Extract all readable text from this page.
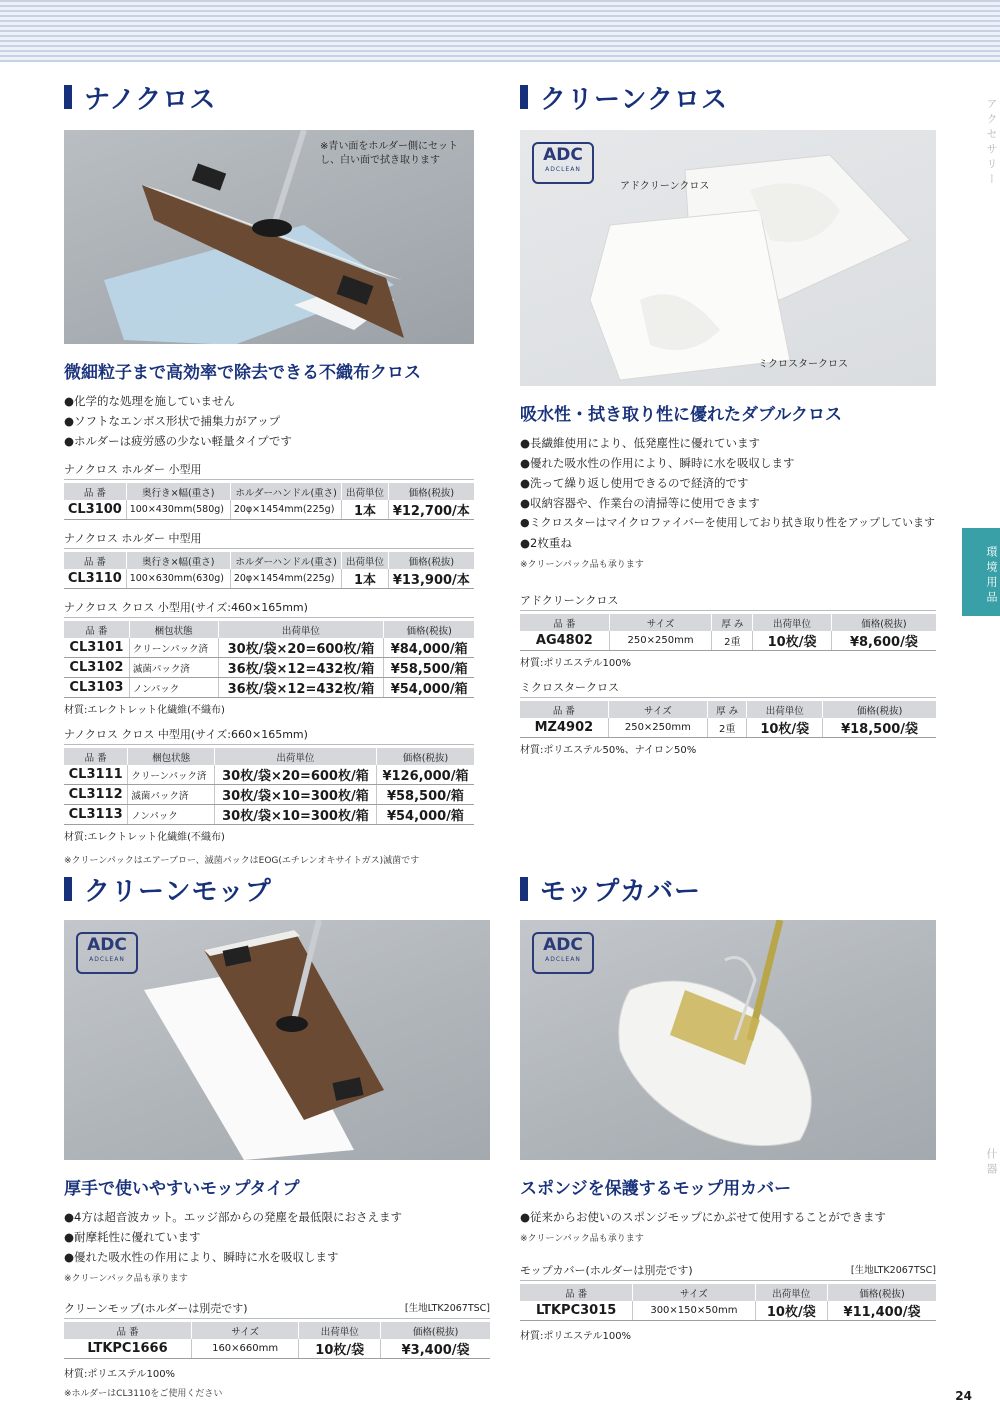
アクセサリー
環境用品
什器
ナノクロス
※青い面をホルダー側にセットし、白い面で拭き取ります
微細粒子まで高効率で除去できる不織布クロス
●化学的な処理を施していません
●ソフトなエンボス形状で捕集力がアップ
●ホルダーは疲労感の少ない軽量タイプです
ナノクロス ホルダー 小型用
品 番	奥行き×幅(重さ)	ホルダーハンドル(重さ)	出荷単位	価格(税抜)
CL3100	100×430mm(580g)	20φ×1454mm(225g)	1本	¥12,700/本
ナノクロス ホルダー 中型用
品 番	奥行き×幅(重さ)	ホルダーハンドル(重さ)	出荷単位	価格(税抜)
CL3110	100×630mm(630g)	20φ×1454mm(225g)	1本	¥13,900/本
ナノクロス クロス 小型用(サイズ:460×165mm)
品 番	梱包状態	出荷単位	価格(税抜)
CL3101	クリーンパック済	30枚/袋×20=600枚/箱	¥84,000/箱
CL3102	滅菌パック済	36枚/袋×12=432枚/箱	¥58,500/箱
CL3103	ノンパック	36枚/袋×12=432枚/箱	¥54,000/箱
材質:エレクトレット化繊維(不織布)
ナノクロス クロス 中型用(サイズ:660×165mm)
品 番	梱包状態	出荷単位	価格(税抜)
CL3111	クリーンパック済	30枚/袋×20=600枚/箱	¥126,000/箱
CL3112	滅菌パック済	30枚/袋×10=300枚/箱	¥58,500/箱
CL3113	ノンパック	30枚/袋×10=300枚/箱	¥54,000/箱
材質:エレクトレット化繊維(不織布)
※クリーンパックはエアーブロー、滅菌パックはEOG(エチレンオキサイトガス)滅菌です
クリーンクロス
ADC
ADCLEAN
アドクリーンクロス
ミクロスタークロス
吸水性・拭き取り性に優れたダブルクロス
●長繊維使用により、低発塵性に優れています
●優れた吸水性の作用により、瞬時に水を吸収します
●洗って繰り返し使用できるので経済的です
●収納容器や、作業台の清掃等に使用できます
●ミクロスターはマイクロファイバーを使用しており拭き取り性をアップしています
●2枚重ね
※クリーンパック品も承ります
アドクリーンクロス
品 番	サイズ	厚 み	出荷単位	価格(税抜)
AG4802	250×250mm	2重	10枚/袋	¥8,600/袋
材質:ポリエステル100%
ミクロスタークロス
品 番	サイズ	厚 み	出荷単位	価格(税抜)
MZ4902	250×250mm	2重	10枚/袋	¥18,500/袋
材質:ポリエステル50%、ナイロン50%
クリーンモップ
ADC
ADCLEAN
厚手で使いやすいモップタイプ
●4方は超音波カット。エッジ部からの発塵を最低限におさえます
●耐摩耗性に優れています
●優れた吸水性の作用により、瞬時に水を吸収します
※クリーンパック品も承ります
クリーンモップ(ホルダーは別売です)	[生地LTK2067TSC]
品 番	サイズ	出荷単位	価格(税抜)
LTKPC1666	160×660mm	10枚/袋	¥3,400/袋
材質:ポリエステル100%
※ホルダーはCL3110をご使用ください
モップカバー
ADC
ADCLEAN
スポンジを保護するモップ用カバー
●従来からお使いのスポンジモップにかぶせて使用することができます
※クリーンパック品も承ります
モップカバー(ホルダーは別売です)	[生地LTK2067TSC]
品 番	サイズ	出荷単位	価格(税抜)
LTKPC3015	300×150×50mm	10枚/袋	¥11,400/袋
材質:ポリエステル100%
24
